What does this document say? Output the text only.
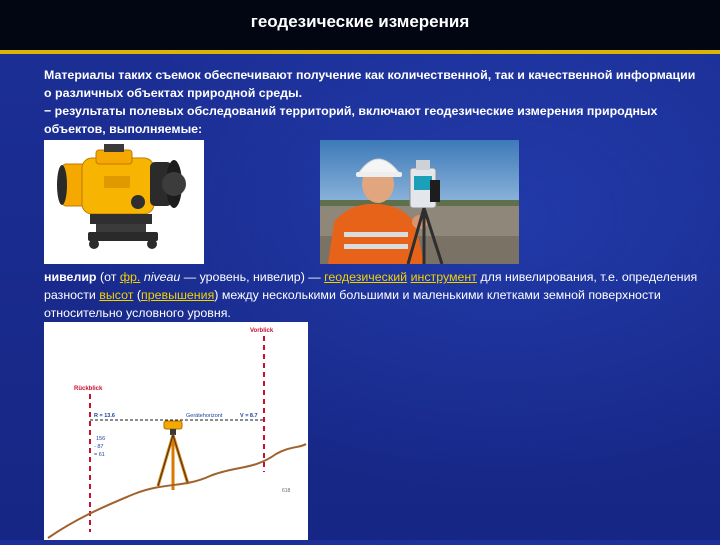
геодезические измерения

Материалы таких съемок обеспечивают получение как количественной, так и качественной информации о различных объектах природной среды.
− результаты полевых обследований территорий, включают геодезические измерения природных объектов, выполняемые:

нивелир (от фр. niveau — уровень, нивелир) — геодезический инструмент для нивелирования, т.е. определения разности высот (превышения) между несколькими большими и маленькими клетками земной поверхности относительно условного уровня.

Rückblick
Vorblick
R = 13.6	Gerätehorizont	V = 8.7
156
- 87
= 61
618
